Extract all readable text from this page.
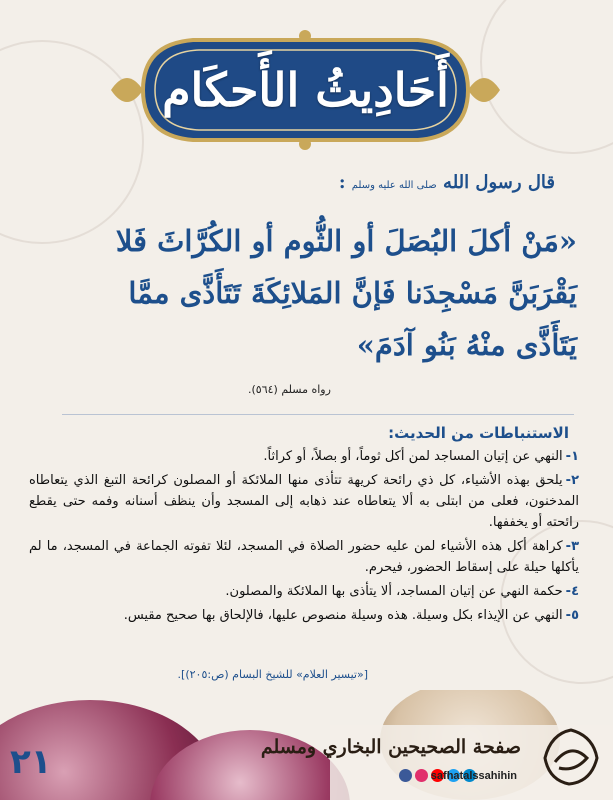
أَحَادِيثُ الأَحكَام
قال رسول الله صلى الله عليه وسلم :
«مَنْ أكلَ البُصَلَ أو الثُّوم أو الكُرَّاثَ فَلا
يَقْرَبَنَّ مَسْجِدَنا فَإنَّ المَلائِكَةَ تَتَأَذَّى ممَّا
يَتَأَذَّى منْهُ بَنُو آدَمَ»
رواه مسلم (٥٦٤).
الاستنباطات من الحديث:
١-النهي عن إتيان المساجد لمن أكل ثوماً، أو بصلاً، أو كراثاً.
٢-يلحق بهذه الأشياء، كل ذي رائحة كريهة تتأذى منها الملائكة أو المصلون كرائحة التبغ الذي يتعاطاه المدخنون، فعلى من ابتلى به ألا يتعاطاه عند ذهابه إلى المسجد وأن ينظف أسنانه وفمه حتى يقطع رائحته أو يخففها.
٣-كراهة أكل هذه الأشياء لمن عليه حضور الصلاة في المسجد، لئلا تفوته الجماعة في المسجد، ما لم يأكلها حيلة على إسقاط الحضور، فيحرم.
٤-حكمة النهي عن إتيان المساجد، ألا يتأذى بها الملائكة والمصلون.
٥-النهي عن الإيذاء بكل وسيلة. هذه وسيلة منصوص عليها، فالإلحاق بها صحيح مقيس.
[«تيسير العلام» للشيخ البسام (ص:٢٠٥)].
صفحة الصحيحين البخاري ومسلم
safhatalssahihin
٢١
